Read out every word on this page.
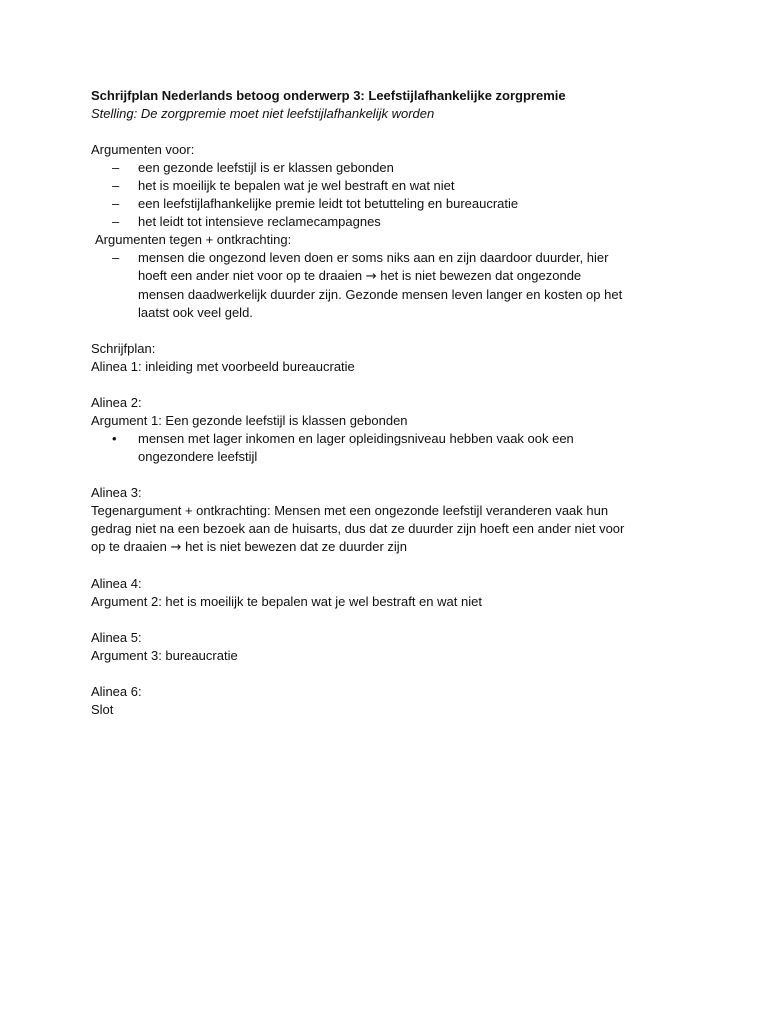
Schrijfplan Nederlands betoog onderwerp 3: Leefstijlafhankelijke zorgpremie
Stelling: De zorgpremie moet niet leefstijlafhankelijk worden
Argumenten voor:
–	een gezonde leefstijl is er klassen gebonden
–	het is moeilijk te bepalen wat je wel bestraft en wat niet
–	een leefstijlafhankelijke premie leidt tot betutteling en bureaucratie
–	het leidt tot intensieve reclamecampagnes
Argumenten tegen + ontkrachting:
–	mensen die ongezond leven doen er soms niks aan en zijn daardoor duurder, hier
hoeft een ander niet voor op te draaien → het is niet bewezen dat ongezonde
mensen daadwerkelijk duurder zijn. Gezonde mensen leven langer en kosten op het
laatst ook veel geld.
Schrijfplan:
Alinea 1: inleiding met voorbeeld bureaucratie
Alinea 2:
Argument 1: Een gezonde leefstijl is klassen gebonden
•	mensen met lager inkomen en lager opleidingsniveau hebben vaak ook een
ongezondere leefstijl
Alinea 3:
Tegenargument + ontkrachting: Mensen met een ongezonde leefstijl veranderen vaak hun
gedrag niet na een bezoek aan de huisarts, dus dat ze duurder zijn hoeft een ander niet voor
op te draaien → het is niet bewezen dat ze duurder zijn
Alinea 4:
Argument 2: het is moeilijk te bepalen wat je wel bestraft en wat niet
Alinea 5:
Argument 3: bureaucratie
Alinea 6:
Slot
